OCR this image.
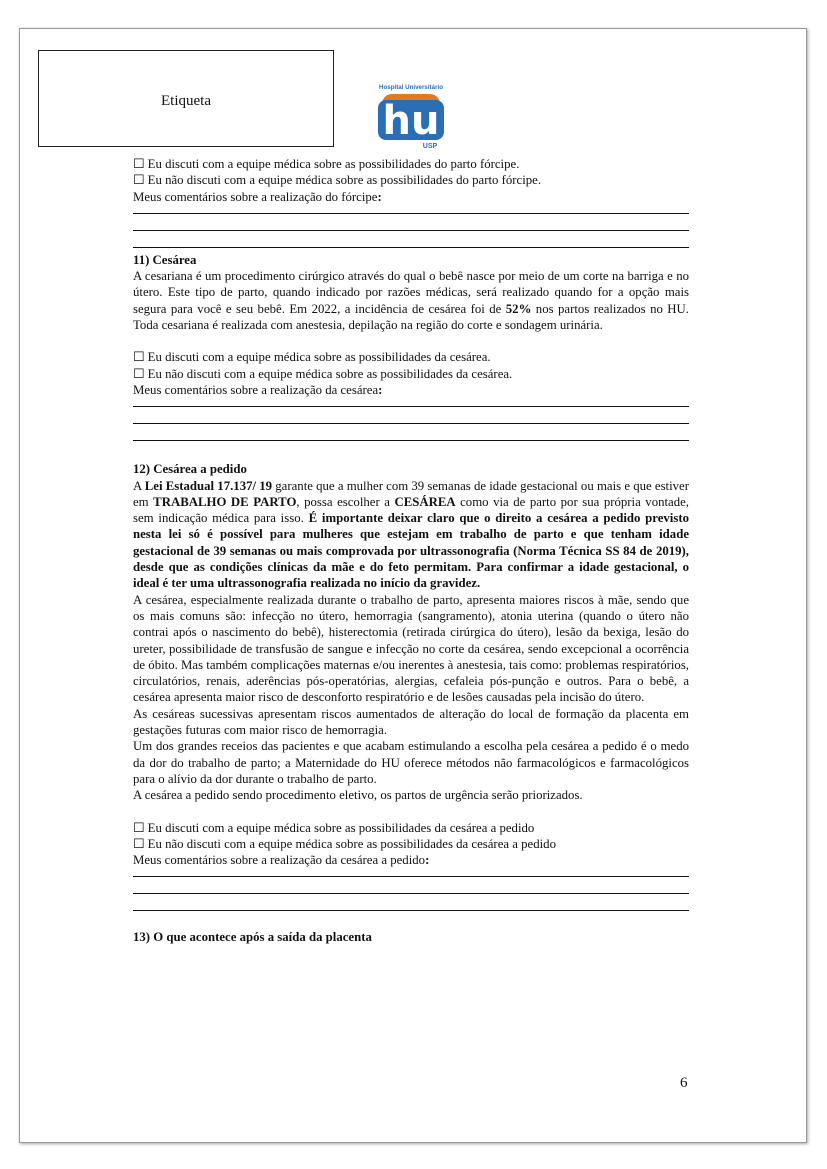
Etiqueta
Hospital Universitário
hu
USP

☐ Eu discuti com a equipe médica sobre as possibilidades do parto fórcipe.

☐ Eu não discuti com a equipe médica sobre as possibilidades do parto fórcipe.

Meus comentários sobre a realização do fórcipe:

11) Cesárea

A cesariana é um procedimento cirúrgico através do qual o bebê nasce por meio de um corte na barriga e no útero. Este tipo de parto, quando indicado por razões médicas, será realizado quando for a opção mais segura para você e seu bebê. Em 2022, a incidência de cesárea foi de 52% nos partos realizados no HU. Toda cesariana é realizada com anestesia, depilação na região do corte e sondagem urinária.

☐ Eu discuti com a equipe médica sobre as possibilidades da cesárea.

☐ Eu não discuti com a equipe médica sobre as possibilidades da cesárea.

Meus comentários sobre a realização da cesárea:

12) Cesárea a pedido

A Lei Estadual 17.137/ 19 garante que a mulher com 39 semanas de idade gestacional ou mais e que estiver em TRABALHO DE PARTO, possa escolher a CESÁREA como via de parto por sua própria vontade, sem indicação médica para isso. É importante deixar claro que o direito a cesárea a pedido previsto nesta lei só é possível para mulheres que estejam em trabalho de parto e que tenham idade gestacional de 39 semanas ou mais comprovada por ultrassonografia (Norma Técnica SS 84 de 2019), desde que as condições clínicas da mãe e do feto permitam. Para confirmar a idade gestacional, o ideal é ter uma ultrassonografia realizada no início da gravidez.

A cesárea, especialmente realizada durante o trabalho de parto, apresenta maiores riscos à mãe, sendo que os mais comuns são: infecção no útero, hemorragia (sangramento), atonia uterina (quando o útero não contrai após o nascimento do bebê), histerectomia (retirada cirúrgica do útero), lesão da bexiga, lesão do ureter, possibilidade de transfusão de sangue e infecção no corte da cesárea, sendo excepcional a ocorrência de óbito. Mas também complicações maternas e/ou inerentes à anestesia, tais como: problemas respiratórios, circulatórios, renais, aderências pós-operatórias, alergias, cefaleia pós-punção e outros. Para o bebê, a cesárea apresenta maior risco de desconforto respiratório e de lesões causadas pela incisão do útero.

As cesáreas sucessivas apresentam riscos aumentados de alteração do local de formação da placenta em gestações futuras com maior risco de hemorragia.

Um dos grandes receios das pacientes e que acabam estimulando a escolha pela cesárea a pedido é o medo da dor do trabalho de parto; a Maternidade do HU oferece métodos não farmacológicos e farmacológicos para o alívio da dor durante o trabalho de parto.

A cesárea a pedido sendo procedimento eletivo, os partos de urgência serão priorizados.

☐ Eu discuti com a equipe médica sobre as possibilidades da cesárea a pedido

☐ Eu não discuti com a equipe médica sobre as possibilidades da cesárea a pedido

Meus comentários sobre a realização da cesárea a pedido:

13) O que acontece após a saída da placenta

6
